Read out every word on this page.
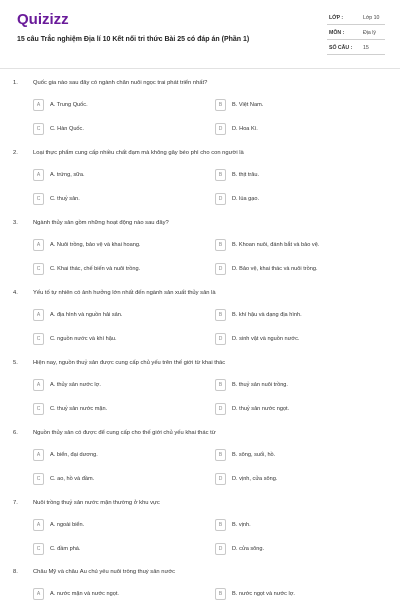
Quizizz
15 câu Trắc nghiệm Địa lí 10 Kết nối tri thức Bài 25 có đáp án (Phần 1)
LỚP :	Lớp 10
MÔN :	Địa lý
SỐ CÂU : 15
1.	Quốc gia nào sau đây có ngành chăn nuôi ngọc trai phát triển nhất?
A	A. Trung Quốc.	B	B. Việt Nam.
C	C. Hàn Quốc.	D	D. Hoa Kì.
2.	Loại thực phẩm cung cấp nhiều chất đạm mà không gây béo phì cho con người là
A	A. trứng, sữa.	B	B. thịt trâu.
C	C. thuỷ sản.	D	D. lúa gạo.
3.	Ngành thủy sản gồm những hoạt động nào sau đây?
A	A. Nuôi trồng, bảo vệ và khai hoang.	B	B. Khoan nuôi, đánh bắt và bảo vệ.
C	C. Khai thác, chế biến và nuôi trồng.	D	D. Bảo vệ, khai thác và nuôi trồng.
4.	Yếu tố tự nhiên có ảnh hưởng lớn nhất đến ngành sản xuất thủy sản là
A	A. địa hình và nguồn hải sản.	B	B. khí hậu và dạng địa hình.
C	C. nguồn nước và khí hậu.	D	D. sinh vật và nguồn nước.
5.	Hiện nay, nguồn thuỷ sản được cung cấp chủ yếu trên thế giới từ khai thác
A	A. thủy sản nước lợ.	B	B. thuỷ sản nuôi trồng.
C	C. thuỷ sản nước mặn.	D	D. thuỷ sản nước ngọt.
6.	Nguồn thủy sản có được để cung cấp cho thế giới chủ yếu khai thác từ
A	A. biển, đại dương.	B	B. sông, suối, hồ.
C	C. ao, hồ và đầm.	D	D. vịnh, cửa sông.
7.	Nuôi trồng thuỷ sản nước mặn thường ở khu vực
A	A. ngoài biển.	B	B. vịnh.
C	C. đầm phá.	D	D. cửa sông.
8.	Châu Mỹ và châu Âu chủ yếu nuôi trồng thuỷ sản nước
A	A. nước mặn và nước ngọt.	B	B. nước ngọt và nước lợ.
